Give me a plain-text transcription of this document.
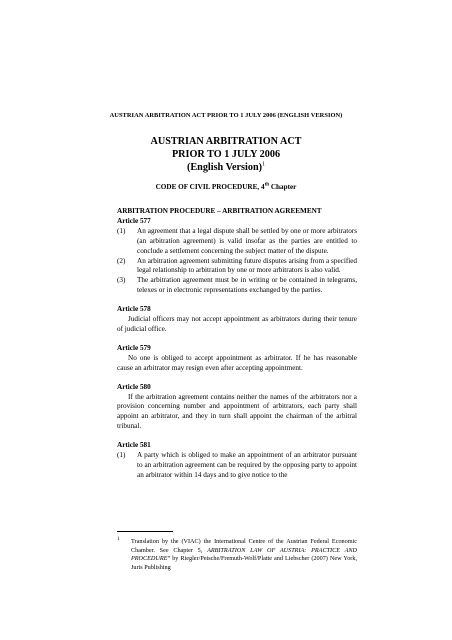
AUSTRIAN ARBITRATION ACT PRIOR TO 1 JULY 2006 (ENGLISH VERSION)
AUSTRIAN ARBITRATION ACT
PRIOR TO 1 JULY 2006
(English Version)$^1$
CODE OF CIVIL PROCEDURE, 4th Chapter
ARBITRATION PROCEDURE – ARBITRATION AGREEMENT
Article 577
(1) An agreement that a legal dispute shall be settled by one or more arbitrators (an arbitration agreement) is valid insofar as the parties are entitled to conclude a settlement concerning the subject matter of the dispute.
(2) An arbitration agreement submitting future disputes arising from a specified legal relationship to arbitration by one or more arbitrators is also valid.
(3) The arbitration agreement must be in writing or be contained in telegrams, telexes or in electronic representations exchanged by the parties.
Article 578
Judicial officers may not accept appointment as arbitrators during their tenure of judicial office.
Article 579
No one is obliged to accept appointment as arbitrator. If he has reasonable cause an arbitrator may resign even after accepting appointment.
Article 580
If the arbitration agreement contains neither the names of the arbitrators nor a provision concerning number and appointment of arbitrators, each party shall appoint an arbitrator, and they in turn shall appoint the chairman of the arbitral tribunal.
Article 581
(1) A party which is obliged to make an appointment of an arbitrator pursuant to an arbitration agreement can be required by the opposing party to appoint an arbitrator within 14 days and to give notice to the
1	Translation by the (VIAC) the International Centre of the Austrian Federal Economic Chamber. See Chapter 5, ARBITRATION LAW OF AUSTRIA: PRACTICE AND PROCEDURE” by Riegler/Petsche/Fremuth-Wolf/Platte and Liebscher (2007) New York, Juris Publishing
